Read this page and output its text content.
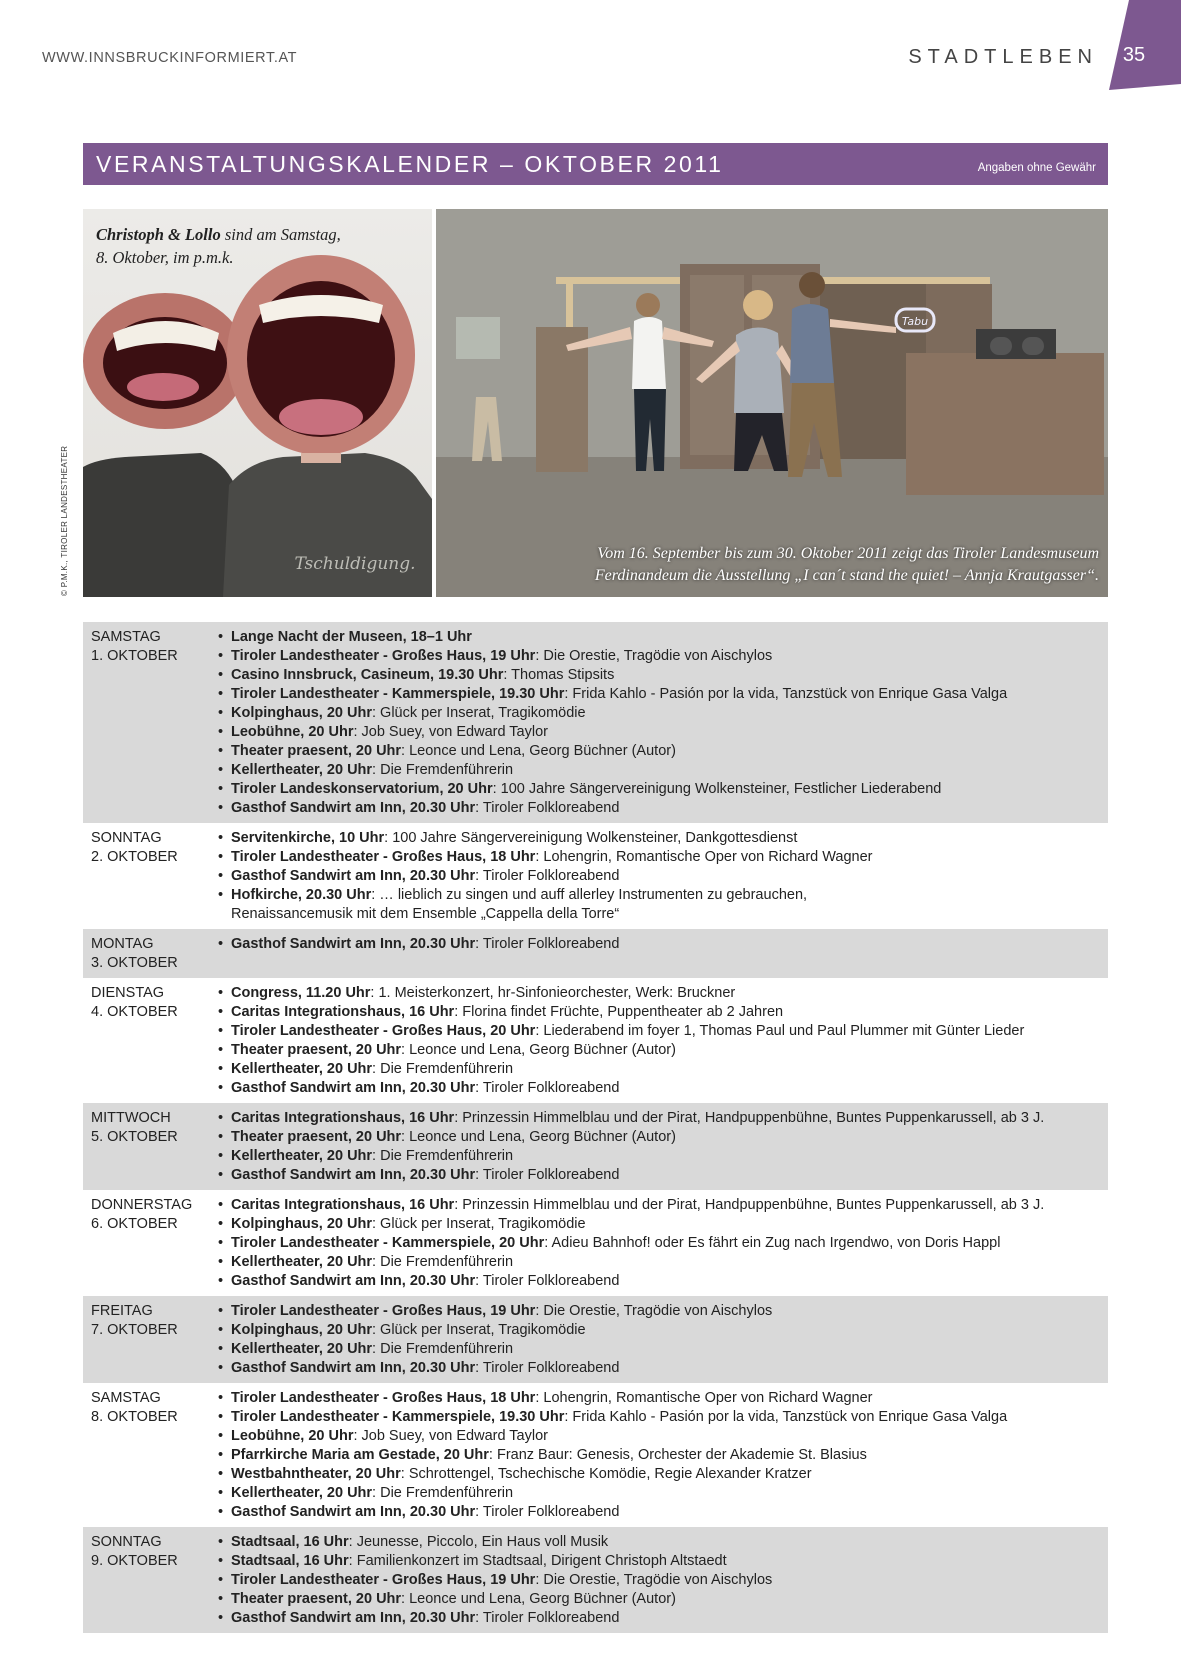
WWW.INNSBRUCKINFORMIERT.AT	STADTLEBEN	35
VERANSTALTUNGSKALENDER – OKTOBER 2011	Angaben ohne Gewähr
Tschuldigung.
Christoph & Lollo sind am Samstag,
8. Oktober, im p.m.k.
© P.M.K., TIROLER LANDESTHEATER
Tabu
Vom 16. September bis zum 30. Oktober 2011 zeigt das Tiroler Landesmuseum
Ferdinandeum die Ausstellung „I can´t stand the quiet! – Annja Krautgasser“.
SAMSTAG
1. OKTOBER
• Lange Nacht der Museen, 18–1 Uhr
• Tiroler Landestheater - Großes Haus, 19 Uhr: Die Orestie, Tragödie von Aischylos
• Casino Innsbruck, Casineum, 19.30 Uhr: Thomas Stipsits
• Tiroler Landestheater - Kammerspiele, 19.30 Uhr: Frida Kahlo - Pasión por la vida, Tanzstück von Enrique Gasa Valga
• Kolpinghaus, 20 Uhr: Glück per Inserat, Tragikomödie
• Leobühne, 20 Uhr: Job Suey, von Edward Taylor
• Theater praesent, 20 Uhr: Leonce und Lena, Georg Büchner (Autor)
• Kellertheater, 20 Uhr: Die Fremdenführerin
• Tiroler Landeskonservatorium, 20 Uhr: 100 Jahre Sängervereinigung Wolkensteiner, Festlicher Liederabend
• Gasthof Sandwirt am Inn, 20.30 Uhr: Tiroler Folkloreabend
SONNTAG
2. OKTOBER
• Servitenkirche, 10 Uhr: 100 Jahre Sängervereinigung Wolkensteiner, Dankgottesdienst
• Tiroler Landestheater - Großes Haus, 18 Uhr: Lohengrin, Romantische Oper von Richard Wagner
• Gasthof Sandwirt am Inn, 20.30 Uhr: Tiroler Folkloreabend
• Hofkirche, 20.30 Uhr: … lieblich zu singen und auff allerley Instrumenten zu gebrauchen,
Renaissancemusik mit dem Ensemble „Cappella della Torre“
MONTAG
3. OKTOBER
• Gasthof Sandwirt am Inn, 20.30 Uhr: Tiroler Folkloreabend
DIENSTAG
4. OKTOBER
• Congress, 11.20 Uhr: 1. Meisterkonzert, hr-Sinfonieorchester, Werk: Bruckner
• Caritas Integrationshaus, 16 Uhr: Florina findet Früchte, Puppentheater ab 2 Jahren
• Tiroler Landestheater - Großes Haus, 20 Uhr: Liederabend im foyer 1, Thomas Paul und Paul Plummer mit Günter Lieder
• Theater praesent, 20 Uhr: Leonce und Lena, Georg Büchner (Autor)
• Kellertheater, 20 Uhr: Die Fremdenführerin
• Gasthof Sandwirt am Inn, 20.30 Uhr: Tiroler Folkloreabend
MITTWOCH
5. OKTOBER
• Caritas Integrationshaus, 16 Uhr: Prinzessin Himmelblau und der Pirat, Handpuppenbühne, Buntes Puppenkarussell, ab 3 J.
• Theater praesent, 20 Uhr: Leonce und Lena, Georg Büchner (Autor)
• Kellertheater, 20 Uhr: Die Fremdenführerin
• Gasthof Sandwirt am Inn, 20.30 Uhr: Tiroler Folkloreabend
DONNERSTAG
6. OKTOBER
• Caritas Integrationshaus, 16 Uhr: Prinzessin Himmelblau und der Pirat, Handpuppenbühne, Buntes Puppenkarussell, ab 3 J.
• Kolpinghaus, 20 Uhr: Glück per Inserat, Tragikomödie
• Tiroler Landestheater - Kammerspiele, 20 Uhr: Adieu Bahnhof! oder Es fährt ein Zug nach Irgendwo, von Doris Happl
• Kellertheater, 20 Uhr: Die Fremdenführerin
• Gasthof Sandwirt am Inn, 20.30 Uhr: Tiroler Folkloreabend
FREITAG
7. OKTOBER
• Tiroler Landestheater - Großes Haus, 19 Uhr: Die Orestie, Tragödie von Aischylos
• Kolpinghaus, 20 Uhr: Glück per Inserat, Tragikomödie
• Kellertheater, 20 Uhr: Die Fremdenführerin
• Gasthof Sandwirt am Inn, 20.30 Uhr: Tiroler Folkloreabend
SAMSTAG
8. OKTOBER
• Tiroler Landestheater - Großes Haus, 18 Uhr: Lohengrin, Romantische Oper von Richard Wagner
• Tiroler Landestheater - Kammerspiele, 19.30 Uhr: Frida Kahlo - Pasión por la vida, Tanzstück von Enrique Gasa Valga
• Leobühne, 20 Uhr: Job Suey, von Edward Taylor
• Pfarrkirche Maria am Gestade, 20 Uhr: Franz Baur: Genesis, Orchester der Akademie St. Blasius
• Westbahntheater, 20 Uhr: Schrottengel, Tschechische Komödie, Regie Alexander Kratzer
• Kellertheater, 20 Uhr: Die Fremdenführerin
• Gasthof Sandwirt am Inn, 20.30 Uhr: Tiroler Folkloreabend
SONNTAG
9. OKTOBER
• Stadtsaal, 16 Uhr: Jeunesse, Piccolo, Ein Haus voll Musik
• Stadtsaal, 16 Uhr: Familienkonzert im Stadtsaal, Dirigent Christoph Altstaedt
• Tiroler Landestheater - Großes Haus, 19 Uhr: Die Orestie, Tragödie von Aischylos
• Theater praesent, 20 Uhr: Leonce und Lena, Georg Büchner (Autor)
• Gasthof Sandwirt am Inn, 20.30 Uhr: Tiroler Folkloreabend
